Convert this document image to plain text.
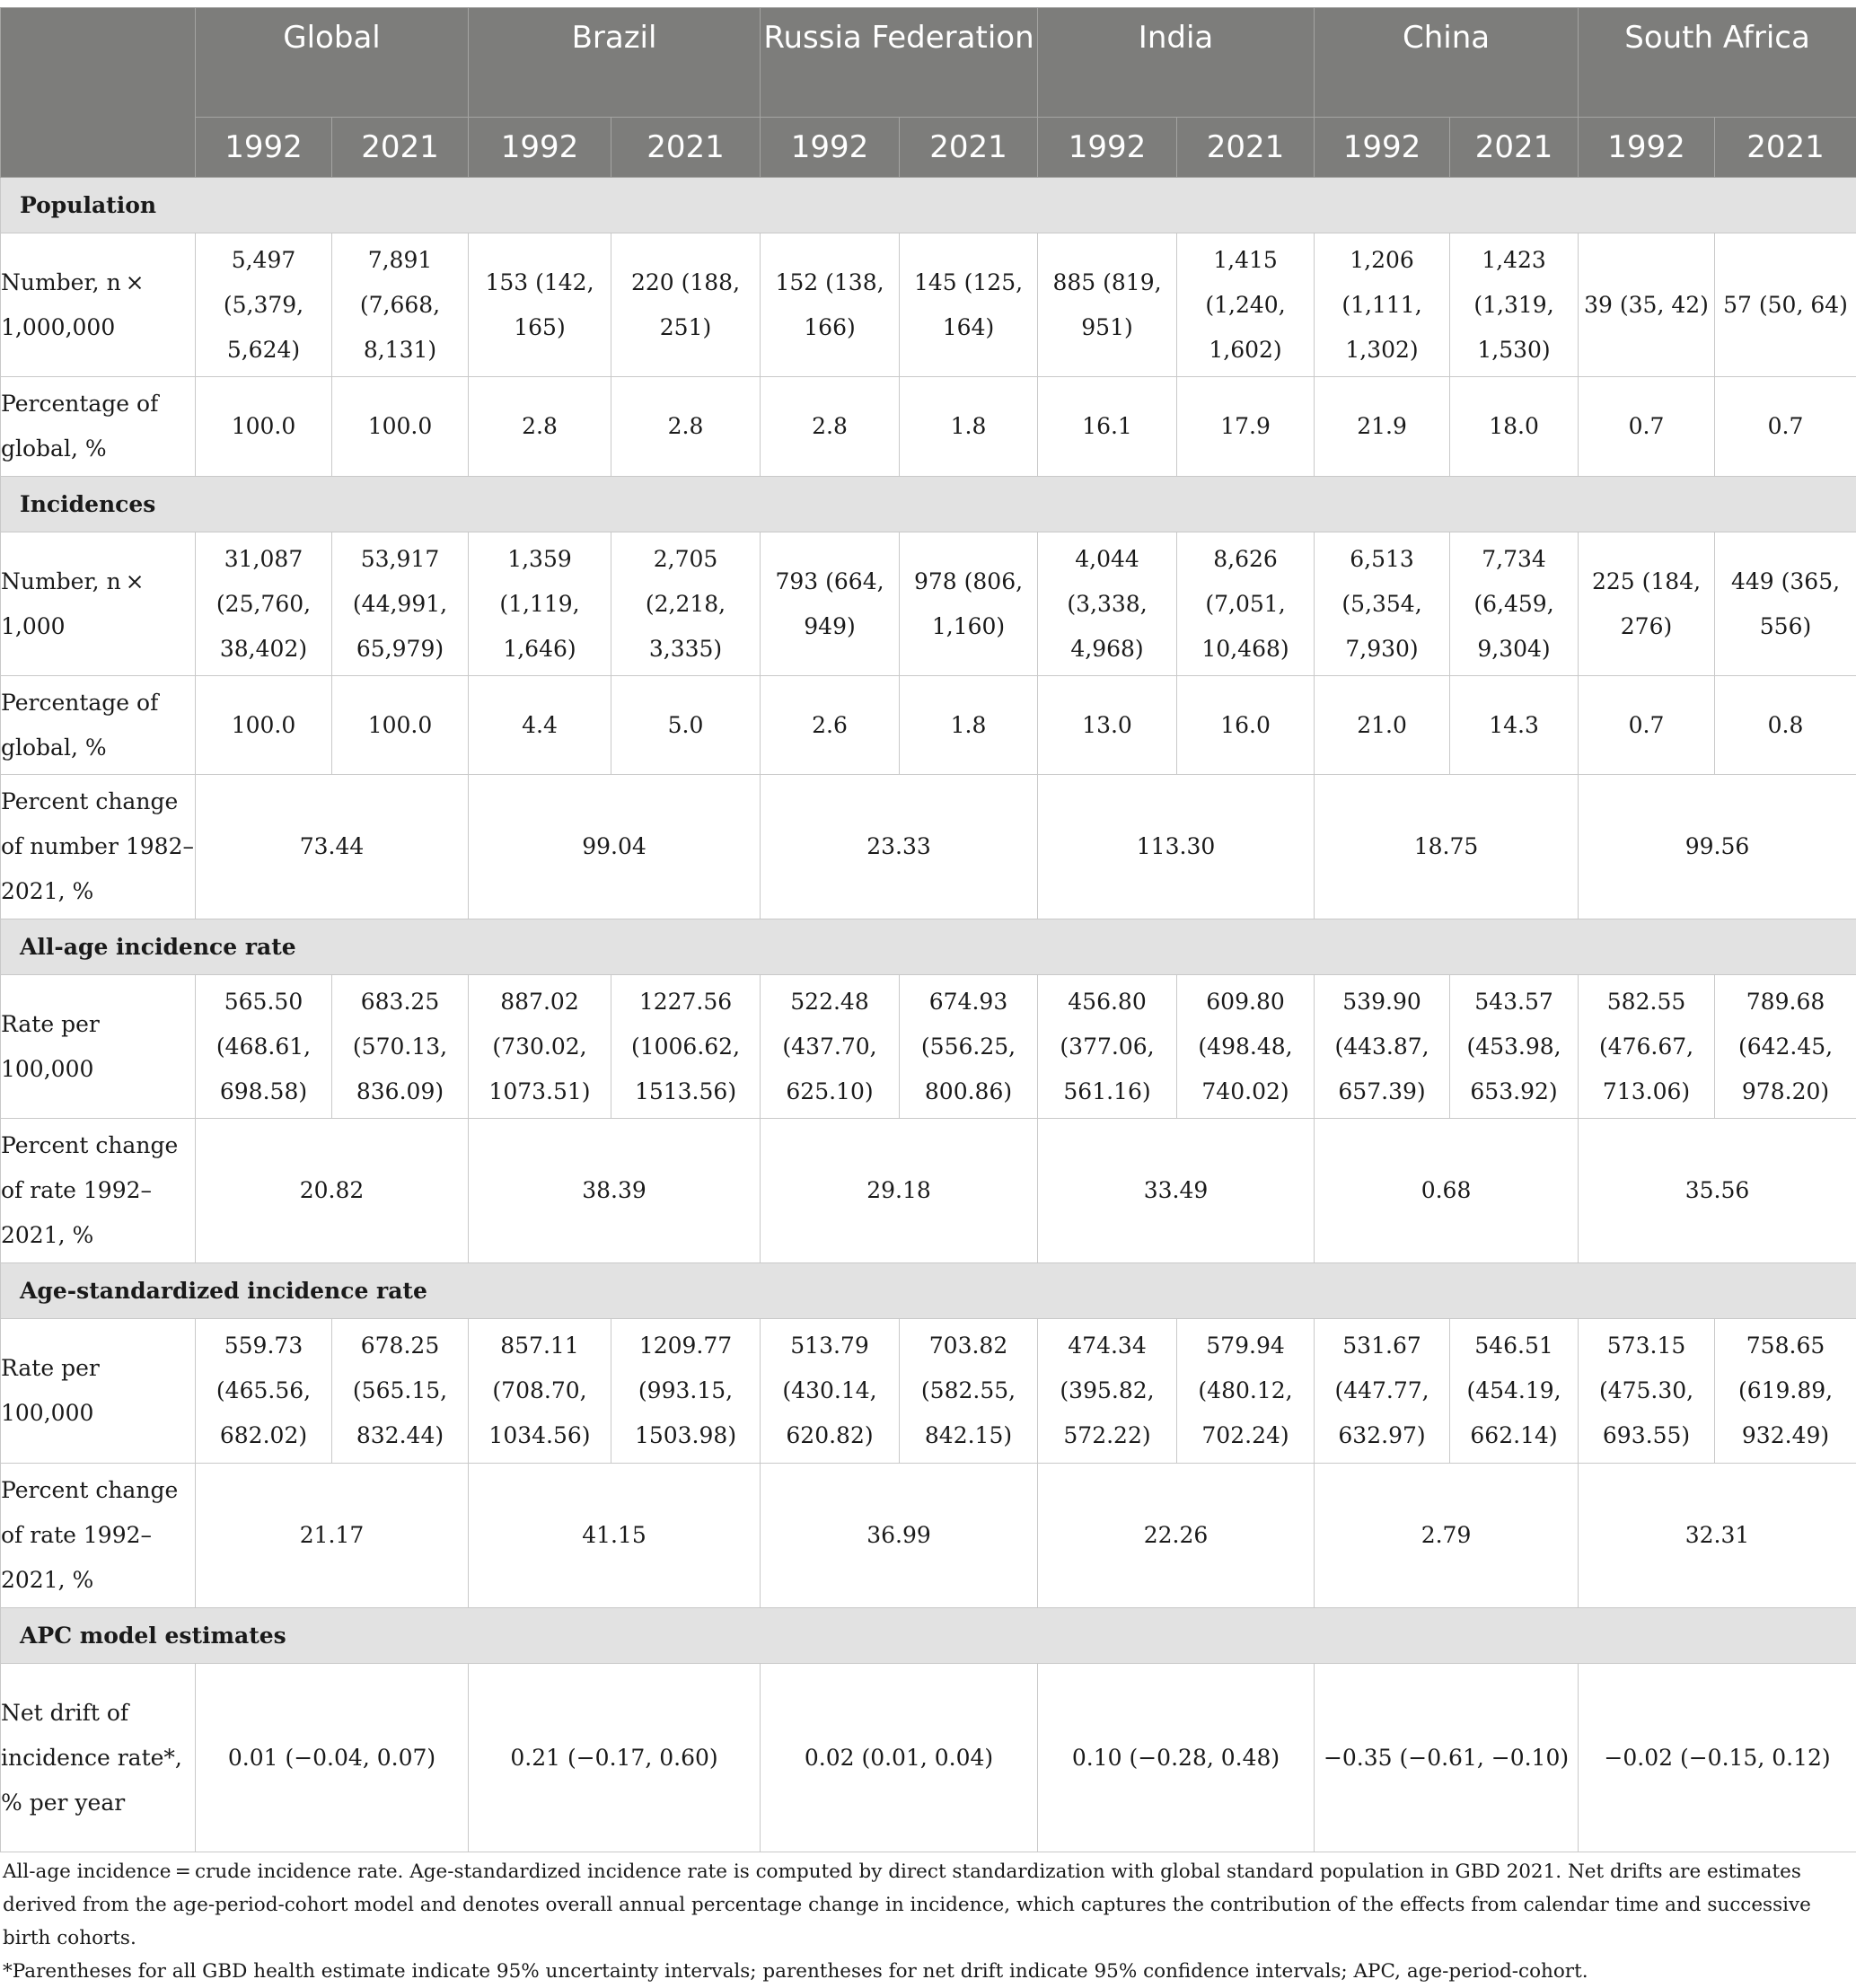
	Global		Brazil		Russia Federation		India		China		South Africa	
	1992	2021	1992	2021	1992	2021	1992	2021	1992	2021	1992	2021
Population												
Number, n × 1,000,000	5,497 (5,379, 5,624)	7,891 (7,668, 8,131)	153 (142, 165)	220 (188, 251)	152 (138, 166)	145 (125, 164)	885 (819, 951)	1,415 (1,240, 1,602)	1,206 (1,111, 1,302)	1,423 (1,319, 1,530)	39 (35, 42)	57 (50, 64)
Percentage of global, %	100.0	100.0	2.8	2.8	2.8	1.8	16.1	17.9	21.9	18.0	0.7	0.7
Incidences												
Number, n × 1,000	31,087 (25,760, 38,402)	53,917 (44,991, 65,979)	1,359 (1,119, 1,646)	2,705 (2,218, 3,335)	793 (664, 949)	978 (806, 1,160)	4,044 (3,338, 4,968)	8,626 (7,051, 10,468)	6,513 (5,354, 7,930)	7,734 (6,459, 9,304)	225 (184, 276)	449 (365, 556)
Percentage of global, %	100.0	100.0	4.4	5.0	2.6	1.8	13.0	16.0	21.0	14.3	0.7	0.8
Percent change of number 1982–2021, %	73.44		99.04		23.33		113.30		18.75		99.56	
All-age incidence rate												
Rate per 100,000	565.50 (468.61, 698.58)	683.25 (570.13, 836.09)	887.02 (730.02, 1073.51)	1227.56 (1006.62, 1513.56)	522.48 (437.70, 625.10)	674.93 (556.25, 800.86)	456.80 (377.06, 561.16)	609.80 (498.48, 740.02)	539.90 (443.87, 657.39)	543.57 (453.98, 653.92)	582.55 (476.67, 713.06)	789.68 (642.45, 978.20)
Percent change of rate 1992–2021, %	20.82		38.39		29.18		33.49		0.68		35.56	
Age-standardized incidence rate												
Rate per 100,000	559.73 (465.56, 682.02)	678.25 (565.15, 832.44)	857.11 (708.70, 1034.56)	1209.77 (993.15, 1503.98)	513.79 (430.14, 620.82)	703.82 (582.55, 842.15)	474.34 (395.82, 572.22)	579.94 (480.12, 702.24)	531.67 (447.77, 632.97)	546.51 (454.19, 662.14)	573.15 (475.30, 693.55)	758.65 (619.89, 932.49)
Percent change of rate 1992–2021, %	21.17		41.15		36.99		22.26		2.79		32.31	
APC model estimates												
Net drift of incidence rate*, % per year	0.01 (−0.04, 0.07)		0.21 (−0.17, 0.60)		0.02 (0.01, 0.04)		0.10 (−0.28, 0.48)		−0.35 (−0.61, −0.10)		−0.02 (−0.15, 0.12)	

All-age incidence = crude incidence rate. Age-standardized incidence rate is computed by direct standardization with global standard population in GBD 2021. Net drifts are estimates derived from the age-period-cohort model and denotes overall annual percentage change in incidence, which captures the contribution of the effects from calendar time and successive birth cohorts.

*Parentheses for all GBD health estimate indicate 95% uncertainty intervals; parentheses for net drift indicate 95% confidence intervals; APC, age-period-cohort.
